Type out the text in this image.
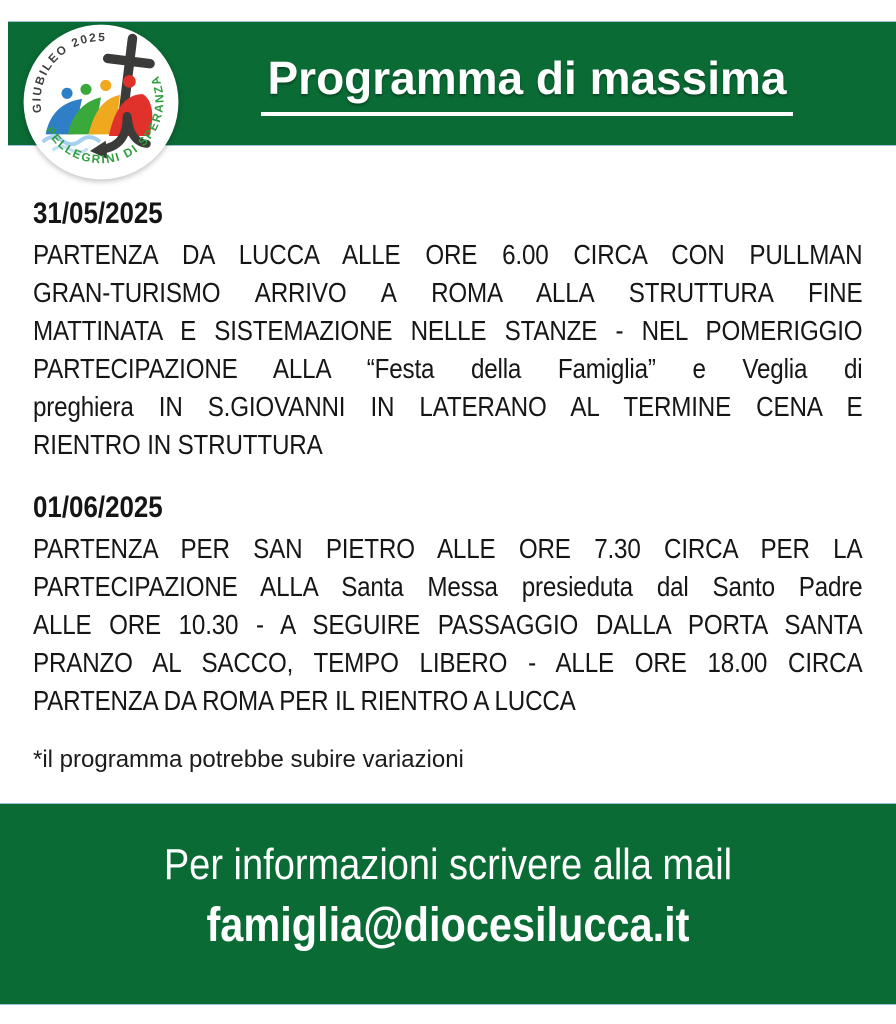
Programma di massima
GIUBILEO 2025
PELLEGRINI DI SPERANZA
31/05/2025
PARTENZA DA LUCCA ALLE ORE 6.00 CIRCA CON PULLMAN
GRAN-TURISMO ARRIVO A ROMA ALLA STRUTTURA FINE
MATTINATA E SISTEMAZIONE NELLE STANZE - NEL POMERIGGIO
PARTECIPAZIONE ALLA “Festa della Famiglia” e Veglia di
preghiera IN S.GIOVANNI IN LATERANO AL TERMINE CENA E
RIENTRO IN STRUTTURA
01/06/2025
PARTENZA PER SAN PIETRO ALLE ORE 7.30 CIRCA PER LA
PARTECIPAZIONE ALLA Santa Messa presieduta dal Santo Padre
ALLE ORE 10.30 - A SEGUIRE PASSAGGIO DALLA PORTA SANTA
PRANZO AL SACCO, TEMPO LIBERO - ALLE ORE 18.00 CIRCA
PARTENZA DA ROMA PER IL RIENTRO A LUCCA

*il programma potrebbe subire variazioni

Per informazioni scrivere alla mail
famiglia@diocesilucca.it
